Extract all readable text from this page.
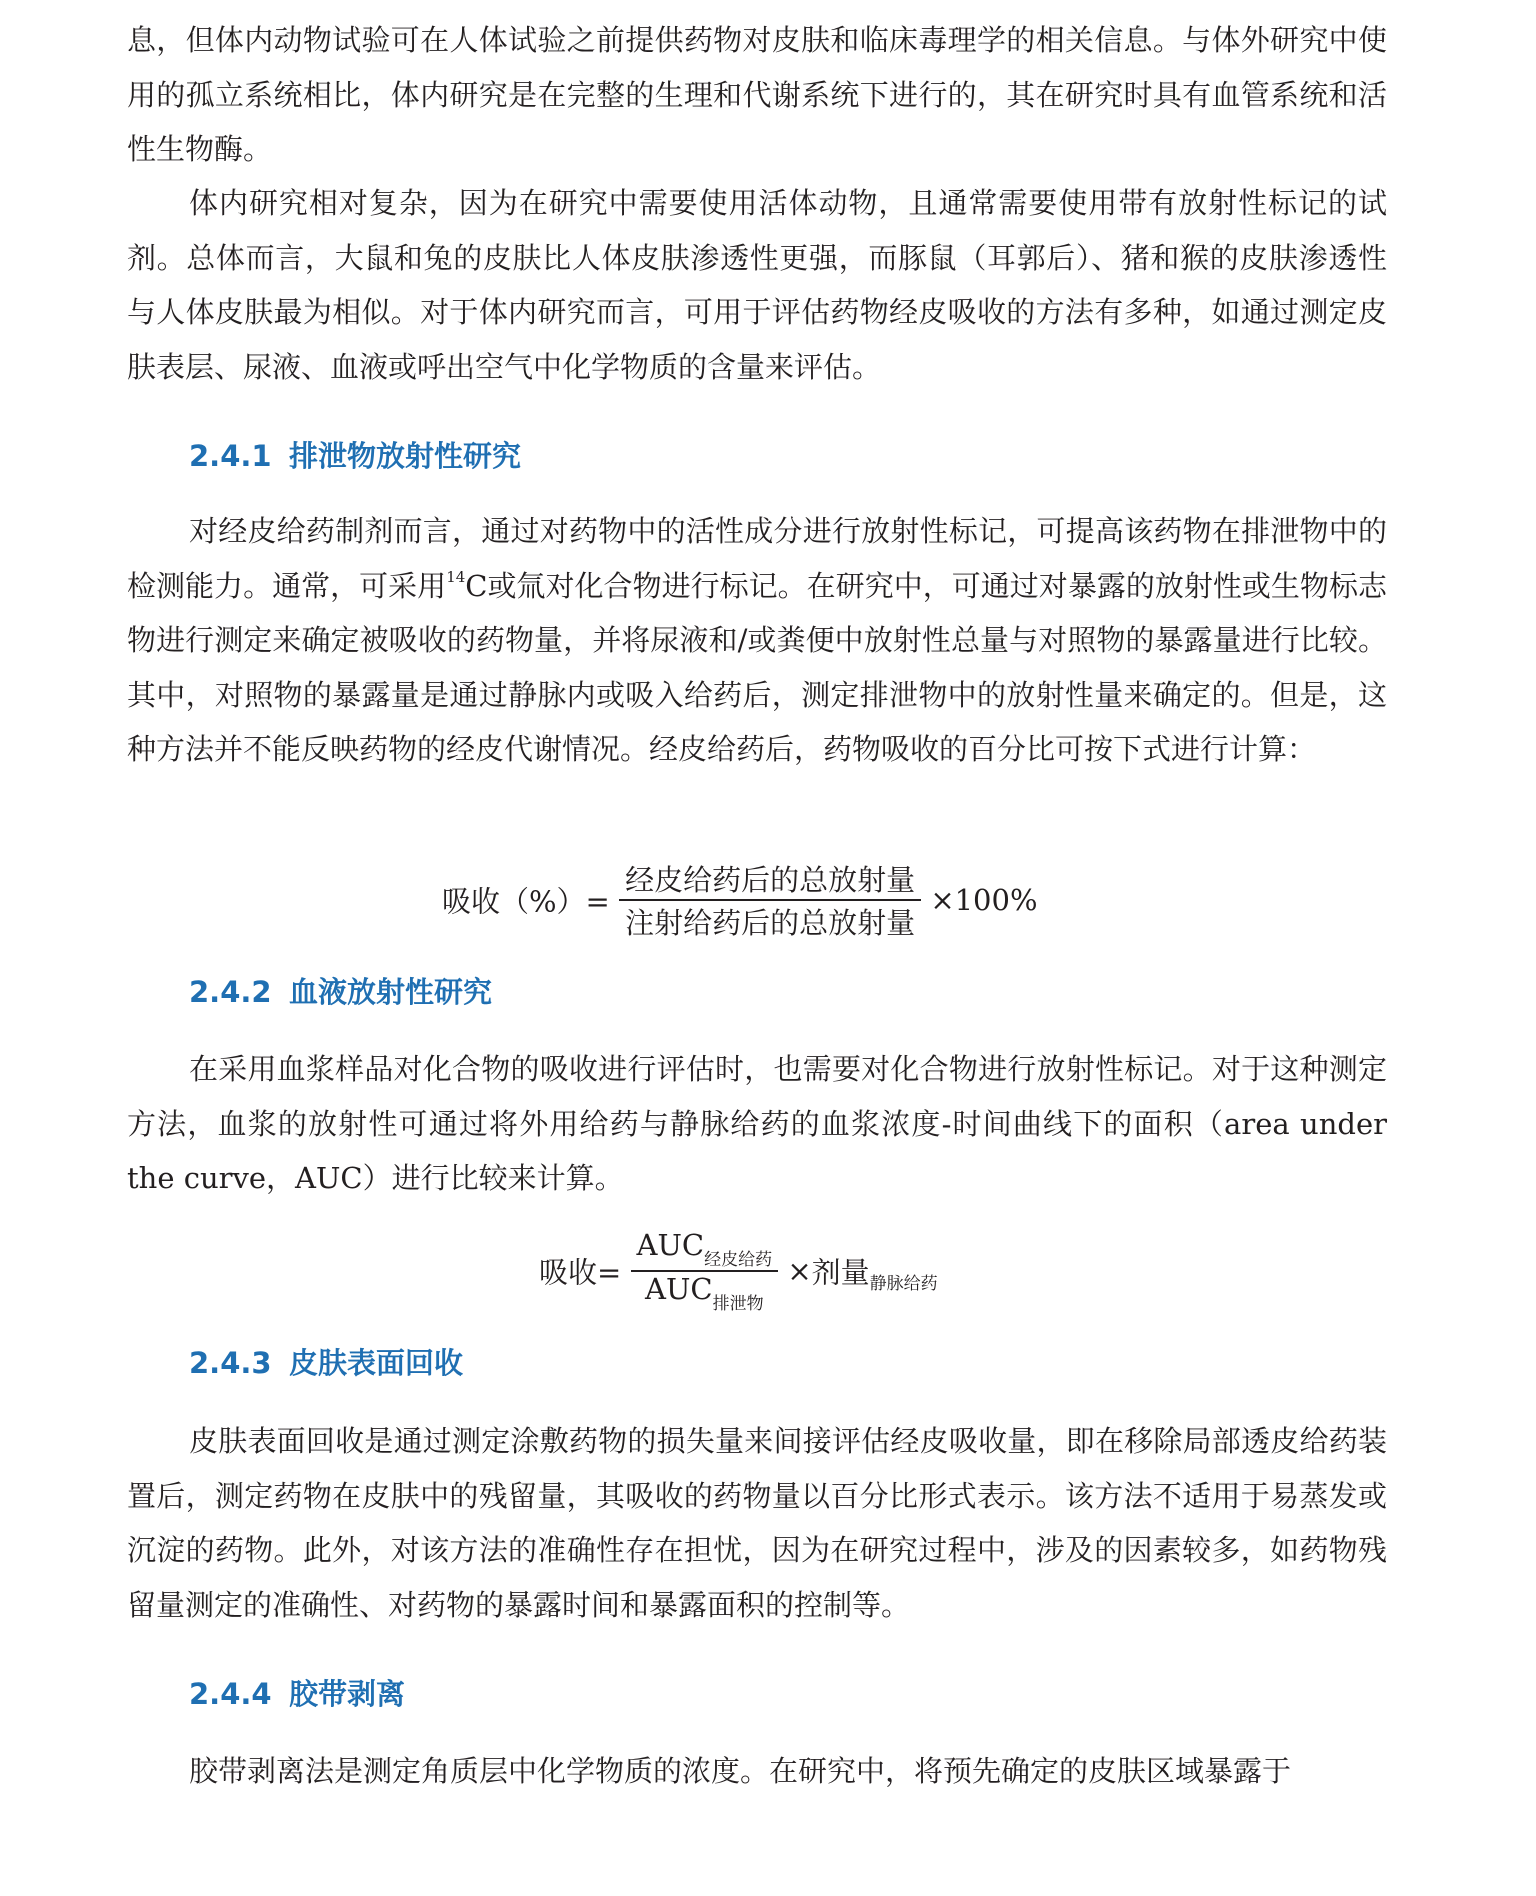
息，但体内动物试验可在人体试验之前提供药物对皮肤和临床毒理学的相关信息。与体外研究中使用的孤立系统相比，体内研究是在完整的生理和代谢系统下进行的，其在研究时具有血管系统和活性生物酶。

体内研究相对复杂，因为在研究中需要使用活体动物，且通常需要使用带有放射性标记的试剂。总体而言，大鼠和兔的皮肤比人体皮肤渗透性更强，而豚鼠（耳郭后）、猪和猴的皮肤渗透性与人体皮肤最为相似。对于体内研究而言，可用于评估药物经皮吸收的方法有多种，如通过测定皮肤表层、尿液、血液或呼出空气中化学物质的含量来评估。

2.4.1 排泄物放射性研究

对经皮给药制剂而言，通过对药物中的活性成分进行放射性标记，可提高该药物在排泄物中的检测能力。通常，可采用$^{14}$C或氚对化合物进行标记。在研究中，可通过对暴露的放射性或生物标志物进行测定来确定被吸收的药物量，并将尿液和/或粪便中放射性总量与对照物的暴露量进行比较。其中，对照物的暴露量是通过静脉内或吸入给药后，测定排泄物中的放射性量来确定的。但是，这种方法并不能反映药物的经皮代谢情况。经皮给药后，药物吸收的百分比可按下式进行计算：

吸收（%）= $\frac{\text{经皮给药后的总放射量}}{\text{注射给药后的总放射量}} \times 100\%$
2.4.2 血液放射性研究

在采用血浆样品对化合物的吸收进行评估时，也需要对化合物进行放射性标记。对于这种测定方法，血浆的放射性可通过将外用给药与静脉给药的血浆浓度-时间曲线下的面积（area under the curve，AUC）进行比较来计算。

吸收= $\frac{AUC_{经皮给药}}{AUC_{排泄物}}$ ×剂量$_{静脉给药}$
2.4.3 皮肤表面回收

皮肤表面回收是通过测定涂敷药物的损失量来间接评估经皮吸收量，即在移除局部透皮给药装置后，测定药物在皮肤中的残留量，其吸收的药物量以百分比形式表示。该方法不适用于易蒸发或沉淀的药物。此外，对该方法的准确性存在担忧，因为在研究过程中，涉及的因素较多，如药物残留量测定的准确性、对药物的暴露时间和暴露面积的控制等。

2.4.4 胶带剥离

胶带剥离法是测定角质层中化学物质的浓度。在研究中，将预先确定的皮肤区域暴露于
